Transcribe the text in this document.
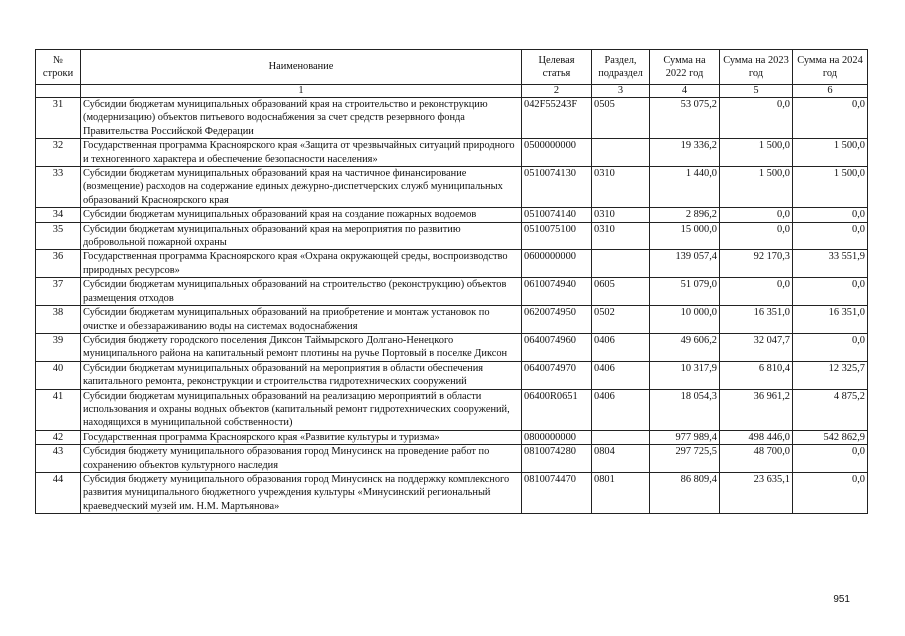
№
строки	Наименование	Целевая статья	Раздел, подраздел	Сумма на 2022 год	Сумма на 2023 год	Сумма на 2024 год
	1	2	3	4	5	6
31	Субсидии бюджетам муниципальных образований края на строительство и реконструкцию (модернизацию) объектов питьевого водоснабжения за счет средств резервного фонда Правительства Российской Федерации	042F55243F	0505	53 075,2	0,0	0,0
32	Государственная программа Красноярского края «Защита от чрезвычайных ситуаций природного и техногенного характера и обеспечение безопасности населения»	0500000000		19 336,2	1 500,0	1 500,0
33	Субсидии бюджетам муниципальных образований края на частичное финансирование (возмещение) расходов на содержание единых дежурно-диспетчерских служб муниципальных образований Красноярского края	0510074130	0310	1 440,0	1 500,0	1 500,0
34	Субсидии бюджетам муниципальных образований края на создание пожарных водоемов	0510074140	0310	2 896,2	0,0	0,0
35	Субсидии бюджетам муниципальных образований края на мероприятия по развитию добровольной пожарной охраны	0510075100	0310	15 000,0	0,0	0,0
36	Государственная программа Красноярского края «Охрана окружающей среды, воспроизводство природных ресурсов»	0600000000		139 057,4	92 170,3	33 551,9
37	Субсидии бюджетам муниципальных образований на строительство (реконструкцию) объектов размещения отходов	0610074940	0605	51 079,0	0,0	0,0
38	Субсидии бюджетам муниципальных образований на приобретение и монтаж установок по очистке и обеззараживанию воды на системах водоснабжения	0620074950	0502	10 000,0	16 351,0	16 351,0
39	Субсидия бюджету городского поселения Диксон Таймырского Долгано-Ненецкого муниципального района на капитальный ремонт плотины на ручье Портовый в поселке Диксон	0640074960	0406	49 606,2	32 047,7	0,0
40	Субсидии бюджетам муниципальных образований на мероприятия в области обеспечения капитального ремонта, реконструкции и строительства гидротехнических сооружений	0640074970	0406	10 317,9	6 810,4	12 325,7
41	Субсидии бюджетам муниципальных образований на реализацию мероприятий в области использования и охраны водных объектов (капитальный ремонт гидротехнических сооружений, находящихся в муниципальной собственности)	06400R0651	0406	18 054,3	36 961,2	4 875,2
42	Государственная программа Красноярского края «Развитие культуры и туризма»	0800000000		977 989,4	498 446,0	542 862,9
43	Субсидия бюджету муниципального образования город Минусинск на проведение работ по сохранению объектов культурного наследия	0810074280	0804	297 725,5	48 700,0	0,0
44	Субсидия бюджету муниципального образования город Минусинск на поддержку комплексного развития муниципального бюджетного учреждения культуры «Минусинский региональный краеведческий музей им. Н.М. Мартьянова»	0810074470	0801	86 809,4	23 635,1	0,0
951
